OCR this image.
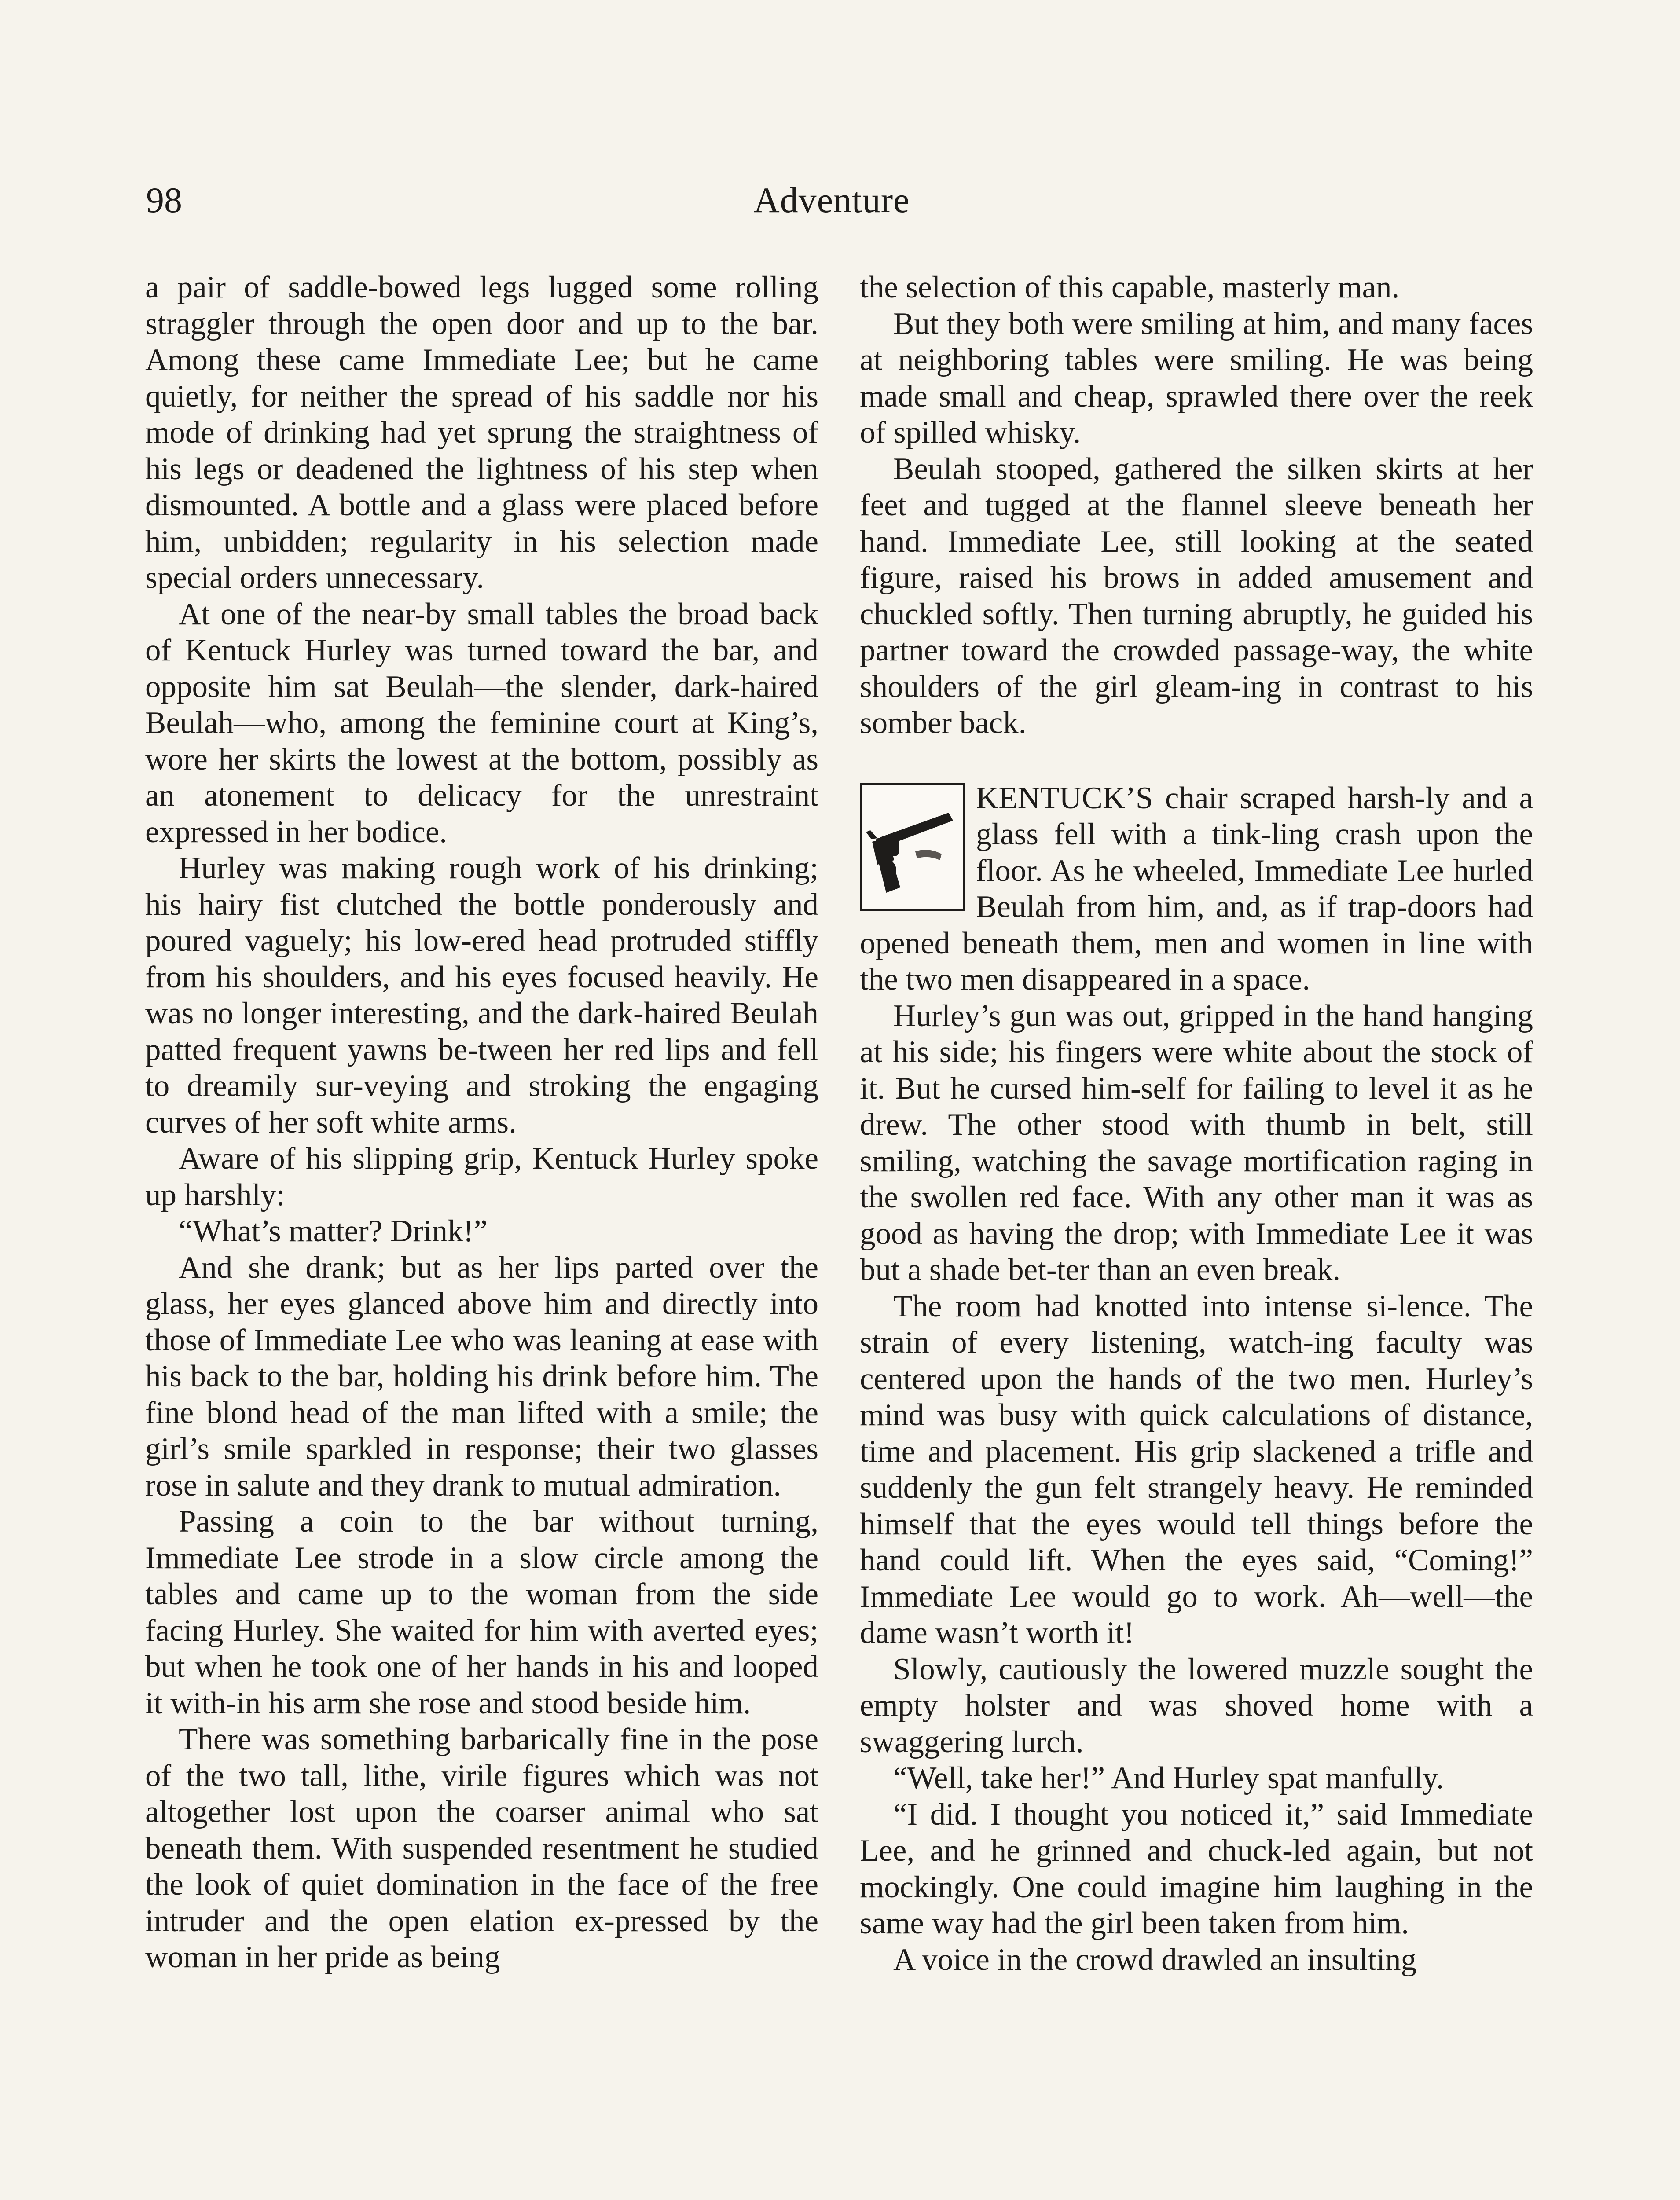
98	Adventure

a pair of saddle-bowed legs lugged some rolling straggler through the open door and up to the bar. Among these came Immediate Lee; but he came quietly, for neither the spread of his saddle nor his mode of drinking had yet sprung the straightness of his legs or deadened the lightness of his step when dismounted. A bottle and a glass were placed before him, unbidden; regularity in his selection made special orders unnecessary.

At one of the near-by small tables the broad back of Kentuck Hurley was turned toward the bar, and opposite him sat Beulah—the slender, dark-haired Beulah—who, among the feminine court at King’s, wore her skirts the lowest at the bottom, possibly as an atonement to delicacy for the unrestraint expressed in her bodice.

Hurley was making rough work of his drinking; his hairy fist clutched the bottle ponderously and poured vaguely; his low-ered head protruded stiffly from his shoulders, and his eyes focused heavily. He was no longer interesting, and the dark-haired Beulah patted frequent yawns be-tween her red lips and fell to dreamily sur-veying and stroking the engaging curves of her soft white arms.

Aware of his slipping grip, Kentuck Hurley spoke up harshly:

“What’s matter? Drink!”

And she drank; but as her lips parted over the glass, her eyes glanced above him and directly into those of Immediate Lee who was leaning at ease with his back to the bar, holding his drink before him. The fine blond head of the man lifted with a smile; the girl’s smile sparkled in response; their two glasses rose in salute and they drank to mutual admiration.

Passing a coin to the bar without turning, Immediate Lee strode in a slow circle among the tables and came up to the woman from the side facing Hurley. She waited for him with averted eyes; but when he took one of her hands in his and looped it with-in his arm she rose and stood beside him.

There was something barbarically fine in the pose of the two tall, lithe, virile figures which was not altogether lost upon the coarser animal who sat beneath them. With suspended resentment he studied the look of quiet domination in the face of the free intruder and the open elation ex-pressed by the woman in her pride as being

the selection of this capable, masterly man.

But they both were smiling at him, and many faces at neighboring tables were smiling. He was being made small and cheap, sprawled there over the reek of spilled whisky.

Beulah stooped, gathered the silken skirts at her feet and tugged at the flannel sleeve beneath her hand. Immediate Lee, still looking at the seated figure, raised his brows in added amusement and chuckled softly. Then turning abruptly, he guided his partner toward the crowded passage-way, the white shoulders of the girl gleam-ing in contrast to his somber back.

KENTUCK’S chair scraped harsh-ly and a glass fell with a tink-ling crash upon the floor. As he wheeled, Immediate Lee hurled Beulah from him, and, as if trap-doors had opened beneath them, men and women in line with the two men disappeared in a space.

Hurley’s gun was out, gripped in the hand hanging at his side; his fingers were white about the stock of it. But he cursed him-self for failing to level it as he drew. The other stood with thumb in belt, still smiling, watching the savage mortification raging in the swollen red face. With any other man it was as good as having the drop; with Immediate Lee it was but a shade bet-ter than an even break.

The room had knotted into intense si-lence. The strain of every listening, watch-ing faculty was centered upon the hands of the two men. Hurley’s mind was busy with quick calculations of distance, time and placement. His grip slackened a trifle and suddenly the gun felt strangely heavy. He reminded himself that the eyes would tell things before the hand could lift. When the eyes said, “Coming!” Immediate Lee would go to work. Ah—well—the dame wasn’t worth it!

Slowly, cautiously the lowered muzzle sought the empty holster and was shoved home with a swaggering lurch.

“Well, take her!” And Hurley spat manfully.

“I did. I thought you noticed it,” said Immediate Lee, and he grinned and chuck-led again, but not mockingly. One could imagine him laughing in the same way had the girl been taken from him.

A voice in the crowd drawled an insulting
